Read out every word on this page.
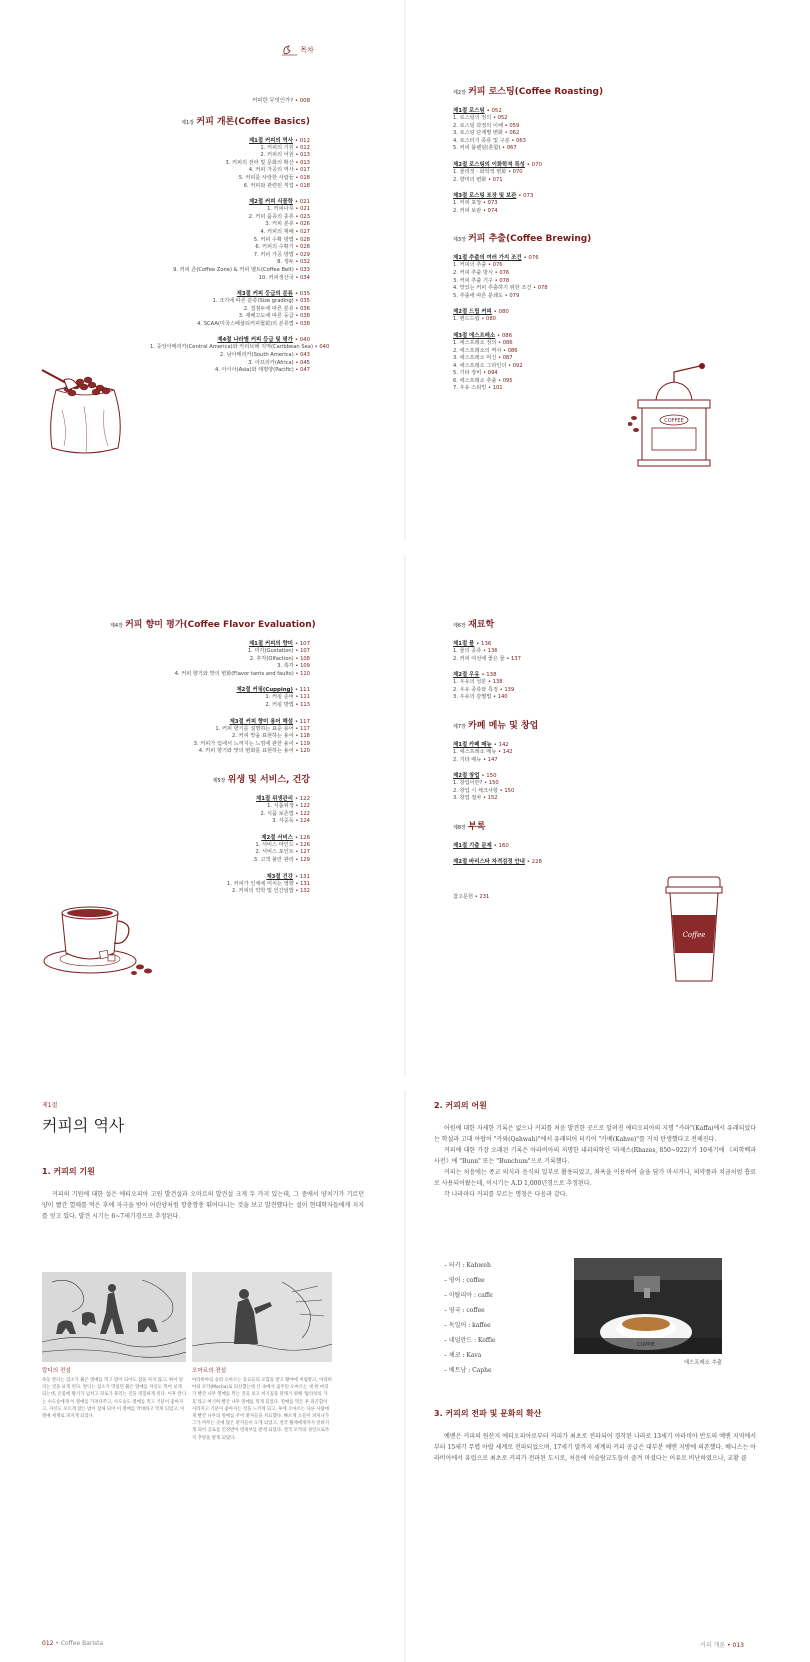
목차
커피란 무엇인가? • 008
제1장 커피 개론(Coffee Basics)
제1절 커피의 역사 • 012
1. 커피의 기원 • 012
2. 커피의 어원 • 013
3. 커피의 전파 및 문화의 확산 • 013
4. 커피 가공의 역사 • 017
5. 커피를 사랑한 사람들 • 018
6. 커피와 관련된 직업 • 018
제2절 커피 식물학 • 021
1. 커피나무 • 021
2. 커피 품종의 종류 • 023
3. 커피 분류 • 026
4. 커피의 재배 • 027
5. 커피 수확 방법 • 028
6. 커피의 수확기 • 028
7. 커피 가공 방법 • 029
8. 생두 • 032
9. 커피 존(Coffee Zone) & 커피 벨트(Coffee Belt) • 033
10. 커피생산국 • 034
제3절 커피 등급의 분류 • 035
1. 크기에 따른 분류(Size grading) • 035
2. 결점두에 따른 분류 • 036
3. 재배고도에 따른 등급 • 038
4. SCAA(미국스페셜티커피협회)의 분류법 • 038
제4절 나라별 커피 등급 및 평가 • 040
1. 중앙아메리카(Central America)와 카리브해 지역(Caribbean Sea) • 040
2. 남아메리카(South America) • 043
3. 아프리카(Africa) • 045
4. 아시아(Asia)와 태평양(Pacific) • 047
제2장 커피 로스팅(Coffee Roasting)
제1절 로스팅 • 052
1. 로스팅의 정의 • 052
2. 로스팅 과정의 이해 • 059
3. 로스팅 단계별 변화 • 062
4. 로스터기 종류 및 구분 • 063
5. 커피 블렌딩(혼합) • 067
제2절 로스팅의 이화학적 특성 • 070
1. 물리적 · 화학적 변화 • 070
2. 향미의 변화 • 071
제3절 로스팅 포장 및 보관 • 073
1. 커피 포장 • 073
2. 커피 보관 • 074
제3장 커피 추출(Coffee Brewing)
제1절 추출의 여러 가지 조건 • 076
1. 커피의 추출 • 076
2. 커피 추출 방식 • 076
3. 커피 추출 기구 • 078
4. 맛있는 커피 추출하기 위한 조건 • 078
5. 추출에 따른 분쇄도 • 079
제2절 드립 커피 • 080
1. 핸드드립 • 080
제3절 에스프레소 • 086
1. 에스프레소 정의 • 086
2. 에스프레소의 역사 • 086
3. 에스프레소 머신 • 087
4. 에스프레소 그라인더 • 092
5. 기타 장비 • 094
6. 에스프레소 추출 • 095
7. 우유 스티밍 • 101
COFFEE
제4장 커피 향미 평가(Coffee Flavor Evaluation)
제1절 커피의 향미 • 107
1. 미각(Gustation) • 107
2. 후각(Olfaction) • 108
3. 촉각 • 109
4. 커피 향기와 맛의 변화(Flavor tants and faults) • 110
제2절 커핑(Cupping) • 111
1. 커핑 준비 • 111
2. 커핑 방법 • 113
제3절 커피 향미 용어 해설 • 117
1. 커피 향기를 설명하는 표준 용어 • 117
2. 커피 맛을 표현하는 용어 • 118
3. 커피가 입에서 느껴지는 느낌에 관한 용어 • 119
4. 커피 향기와 맛의 변화를 표현하는 용어 • 120
제5장 위생 및 서비스, 건강
제1절 위생관리 • 122
1. 식품위생 • 122
2. 식품 보존법 • 122
3. 식중독 • 124
제2절 서비스 • 126
1. 서비스 마인드 • 126
2. 서비스 포인트 • 127
3. 고객 불만 관리 • 129
제3절 건강 • 131
1. 커피가 인체에 미치는 영향 • 131
2. 커피의 약학 및 인간임밥 • 132
제6장 재료학
제1절 물 • 136
1. 물의 종류 • 136
2. 커피 여선에 좋은 물 • 137
제2절 우유 • 138
1. 우유의 성분 • 138
2. 우유 종류와 특징 • 139
3. 우유의 감별법 • 140
제7장 카페 메뉴 및 창업
제1절 카페 메뉴 • 142
1. 에스프레소 메뉴 • 142
2. 기타 메뉴 • 147
제2절 창업 • 150
1. 창업이란? • 150
2. 창업 시 체크사항 • 150
3. 창업 절차 • 152
제8장 부록
제1절 기출 문제 • 160
제2절 바리스타 자격검정 안내 • 228
참고문헌 • 231
Coffee
제1절
커피의 역사
1. 커피의 기원
커피의 기원에 대한 설은 에티오피아 고원 발견설과 오마르의 발견설 크게 두 가지 있는데, 그 중에서 양치기가 기르던 양이 빨간 열매를 먹은 후에 자극을 받아 어린양처럼 깡충깡충 뛰어다니는 것을 보고 발견했다는 설이 현대학자들에게 지지를 얻고 있다. 발견 시기는 6~7세기경으로 추정된다.
칼디의 전설
목동 칼디는 염소가 붉은 열매를 먹고 밤이 되어도 잠을 자지 않고, 뛰어 달리는 것을 보게 된다. 칼디는 염소가 먹었던 붉은 열매를 자신도 먹어 보게 되는데, 온몸에 활기가 넘치고 피로가 풀리는 것을 경험하게 된다. 이후 칼디는 수도승에게 이 열매를 가져다주고, 수도승도 열매를 먹고 기분이 좋아지고, 자신도 모르게 잠든 밤이 잠새 되어 이 열매를 약대하고 먹게 되었고, 이 열매 세계로 퍼지게 되었다.
오마르의 전설
아라비아의 승려 오마르는 동료들의 모함을 받고 황야에 버림받고, 아라비아의 모카(Mocha)로 피신했는데 산 속에서 굶주린 오마르는 새 한 마리가 빨간 나무 열매를 먹는 것을 보고 허기짐을 달래기 위해 '탐라상의 가호'라고 여기며 빨간 나무 열매를 먹게 되었다. 열매를 먹은 후 피곤함이 사라지고 기분이 좋아지는 것을 느끼게 되고, 후에 오마르는 다른 사람에게 빨간 나무의 열매를 주어 환자들을 치료했다. 빠르게 소문이 퍼져나가 그가 머무는 곳에 많은 환자들이 오게 되었고, 결국 황제에게까지 알려지게 되어 공로를 인정받아 면죄부를 받게 되었다. 결국 모카의 성인으로까지 추앙을 받게 되었다.
012 • Coffee Barista
2. 커피의 어원
어원에 대한 자세한 기록은 없으나 커피를 처음 발견한 곳으로 알려진 에티오피아의 지명 "카파"(Kaffa)에서 유래되었다는 학설과 고대 아랍어 "카와(Qahwah)"에서 유래되어 터키어 "카베(Kahve)"를 거쳐 탄생했다고 전해진다.
커피에 대한 가장 오래된 기록은 아라비아의 저명한 내과의학인 '라제스(Rhazes, 850~922)'가 10세기에 《의학백과사전》에 "Bunn" 또는 "Bunchum"으로 기록했다.
커피는 처음에는 종교 의식과 음식의 일부로 활용되었고, 좌욕을 이용하여 술을 담가 마시거나, 의약품과 치금처럼 흡료로 사용되어왔는데, 이시기는 A.D 1,000년경으로 추정된다.
각 나라마다 커피를 부르는 명칭은 다음과 같다.
– 터키 : Kahweh
– 영어 : coffee
– 이탈리아 : caffe
– 영국 : coffee
– 독일어 : kaffee
– 네덜란드 : Koffie
– 체코 : Kava
– 베트남 : Caphe
에스프레소 추출
3. 커피의 전파 및 문화의 확산
예멘은 커피의 원산지 에티오피아로부터 커피가 최초로 전파되어 경작된 나라로 13세기 아라비아 반도의 예멘 지역에서부터 15세기 무렵 아랍 세계로 전파되었으며, 17세기 말까지 세계의 커피 공급은 대부분 예멘 지방에 의존했다. 베니스는 아라비아에서 유럽으로 최초로 커피가 전파된 도시로, 처음에 이슬람교도들이 즐겨 마셨다는 이유로 비난하였으나, 교황 클
커피 개론 • 013
